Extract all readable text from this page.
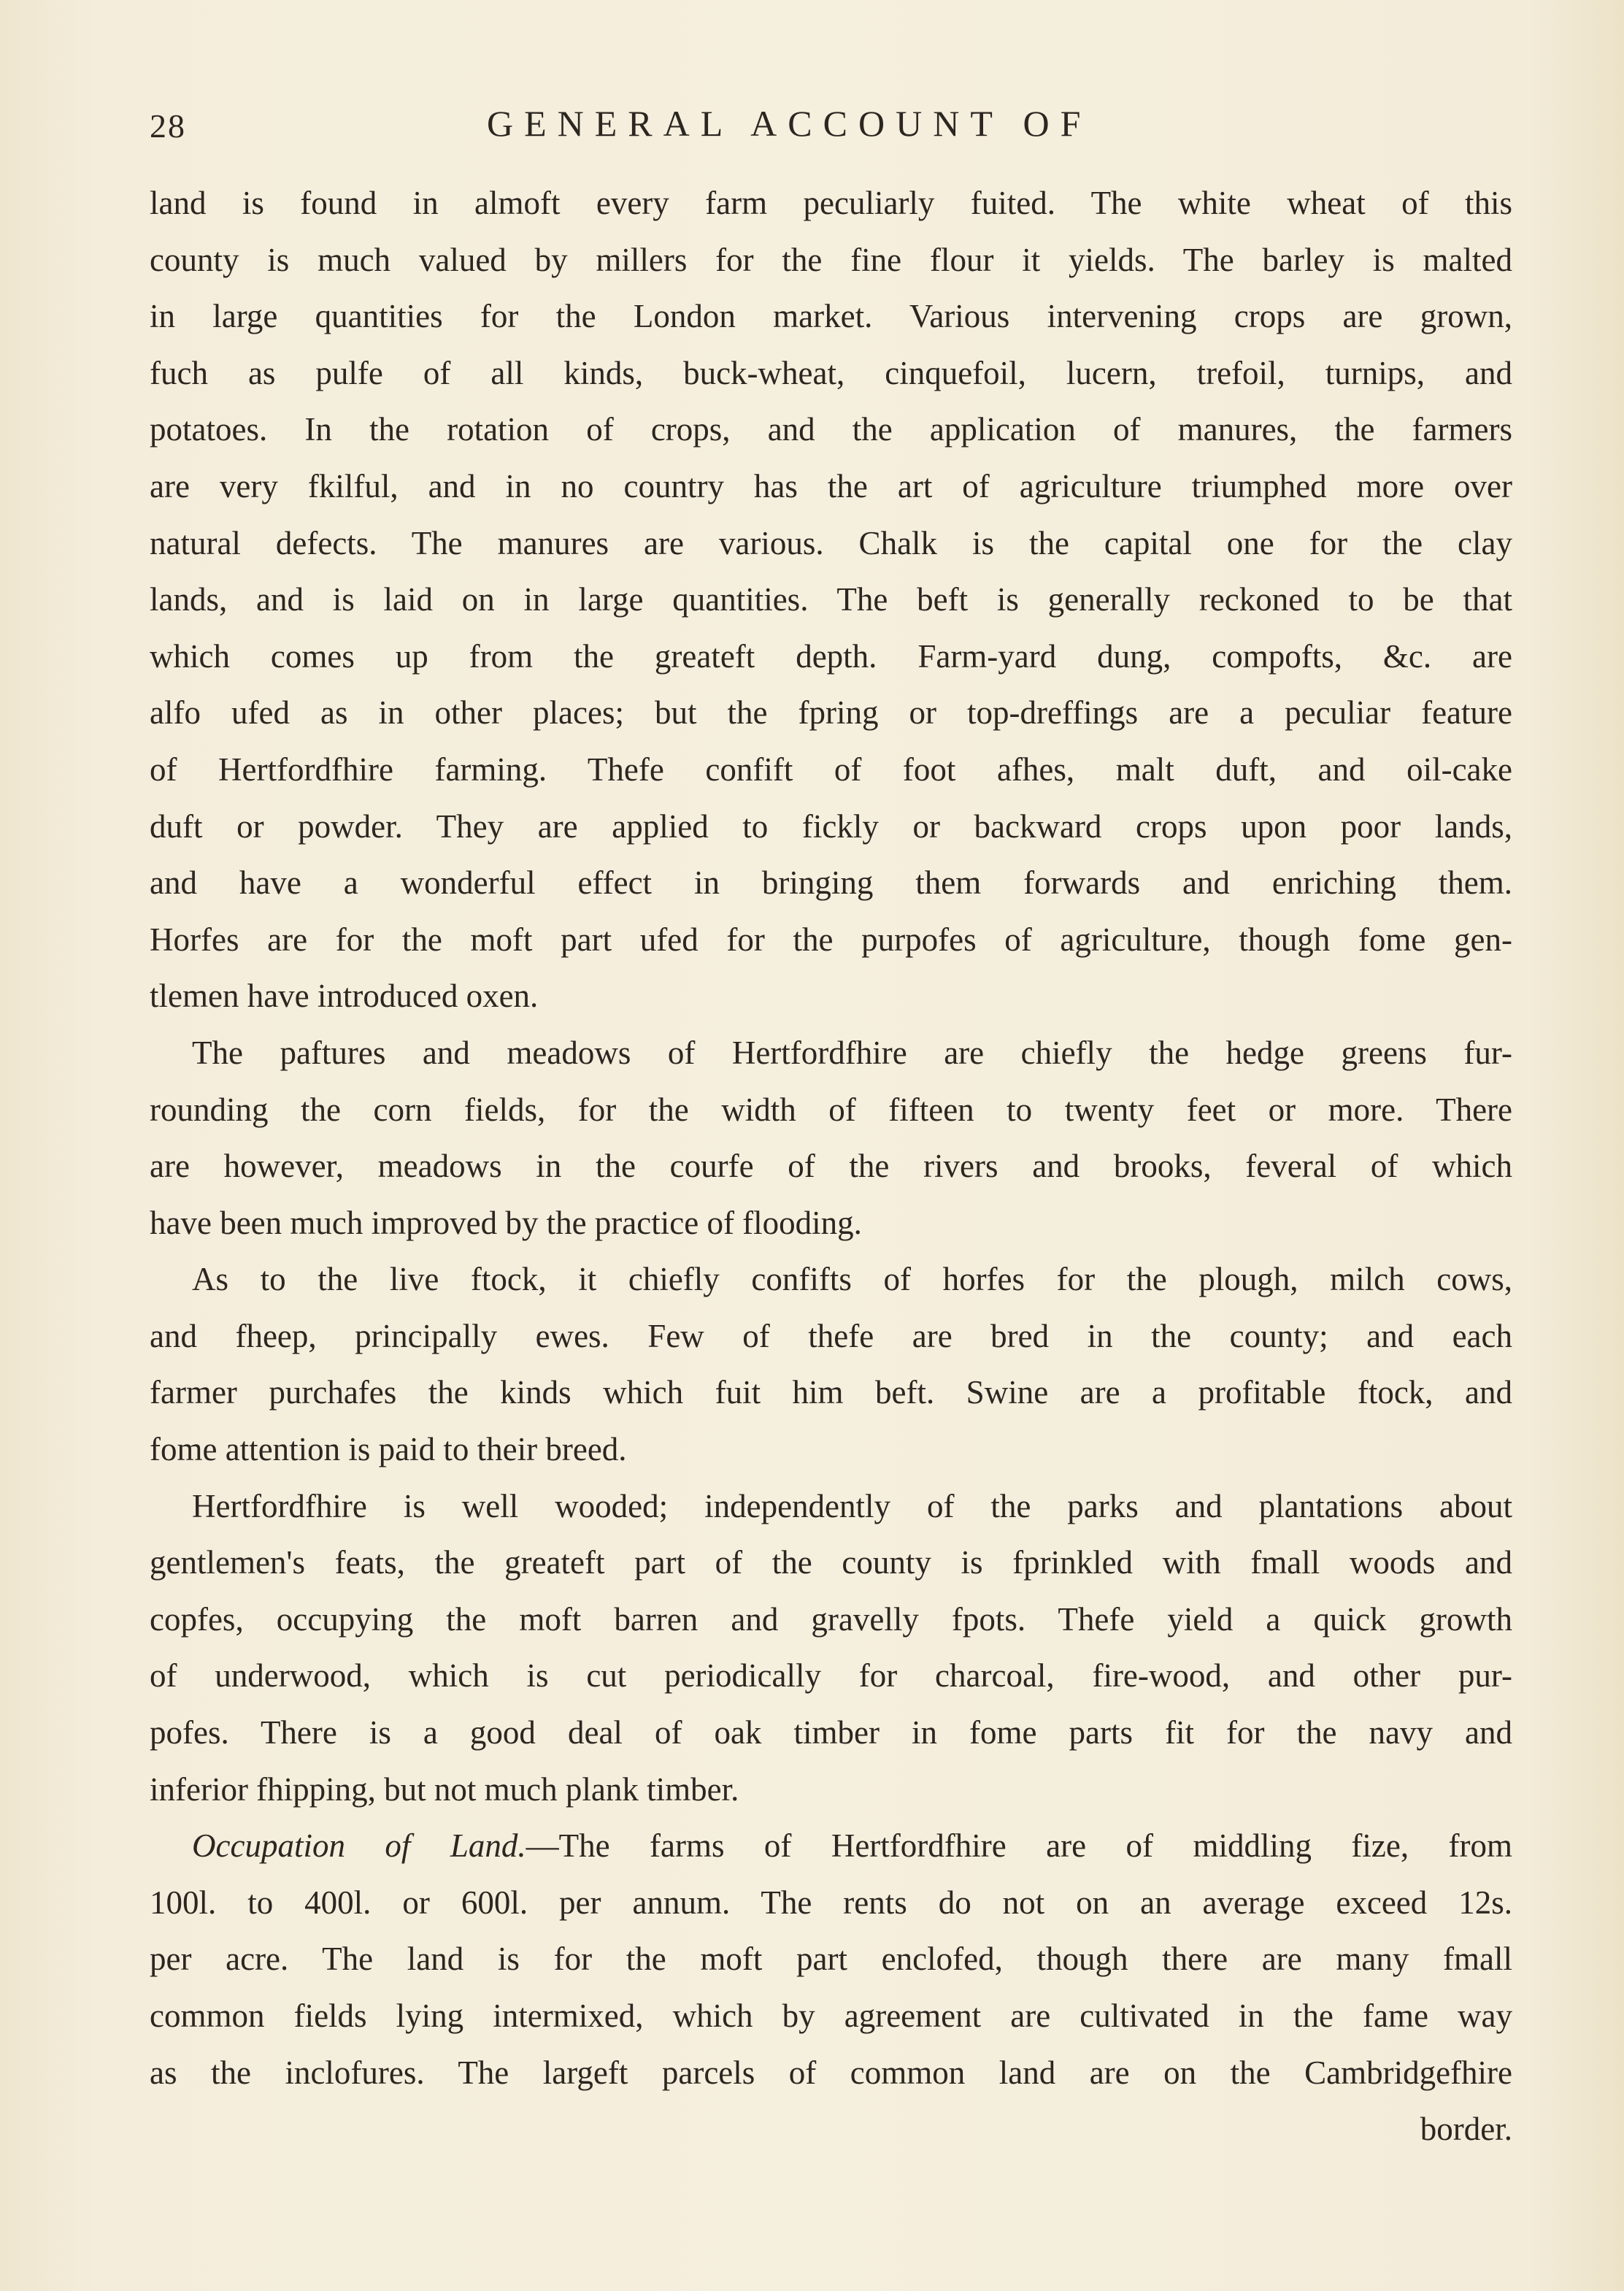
28	GENERAL ACCOUNT OF
land is found in almoft every farm peculiarly fuited. The white wheat of this
county is much valued by millers for the fine flour it yields. The barley is malted
in large quantities for the London market. Various intervening crops are grown,
fuch as pulfe of all kinds, buck-wheat, cinquefoil, lucern, trefoil, turnips, and
potatoes. In the rotation of crops, and the application of manures, the farmers
are very fkilful, and in no country has the art of agriculture triumphed more over
natural defects. The manures are various. Chalk is the capital one for the clay
lands, and is laid on in large quantities. The beft is generally reckoned to be that
which comes up from the greateft depth. Farm-yard dung, compofts, &c. are
alfo ufed as in other places; but the fpring or top-dreffings are a peculiar feature
of Hertfordfhire farming. Thefe confift of foot afhes, malt duft, and oil-cake
duft or powder. They are applied to fickly or backward crops upon poor lands,
and have a wonderful effect in bringing them forwards and enriching them.
Horfes are for the moft part ufed for the purpofes of agriculture, though fome gen-
tlemen have introduced oxen.
The paftures and meadows of Hertfordfhire are chiefly the hedge greens fur-
rounding the corn fields, for the width of fifteen to twenty feet or more. There
are however, meadows in the courfe of the rivers and brooks, feveral of which
have been much improved by the practice of flooding.
As to the live ftock, it chiefly confifts of horfes for the plough, milch cows,
and fheep, principally ewes. Few of thefe are bred in the county; and each
farmer purchafes the kinds which fuit him beft. Swine are a profitable ftock, and
fome attention is paid to their breed.
Hertfordfhire is well wooded; independently of the parks and plantations about
gentlemen's feats, the greateft part of the county is fprinkled with fmall woods and
copfes, occupying the moft barren and gravelly fpots. Thefe yield a quick growth
of underwood, which is cut periodically for charcoal, fire-wood, and other pur-
pofes. There is a good deal of oak timber in fome parts fit for the navy and
inferior fhipping, but not much plank timber.
Occupation of Land.—The farms of Hertfordfhire are of middling fize, from
100l. to 400l. or 600l. per annum. The rents do not on an average exceed 12s.
per acre. The land is for the moft part enclofed, though there are many fmall
common fields lying intermixed, which by agreement are cultivated in the fame way
as the inclofures. The largeft parcels of common land are on the Cambridgefhire
border.
